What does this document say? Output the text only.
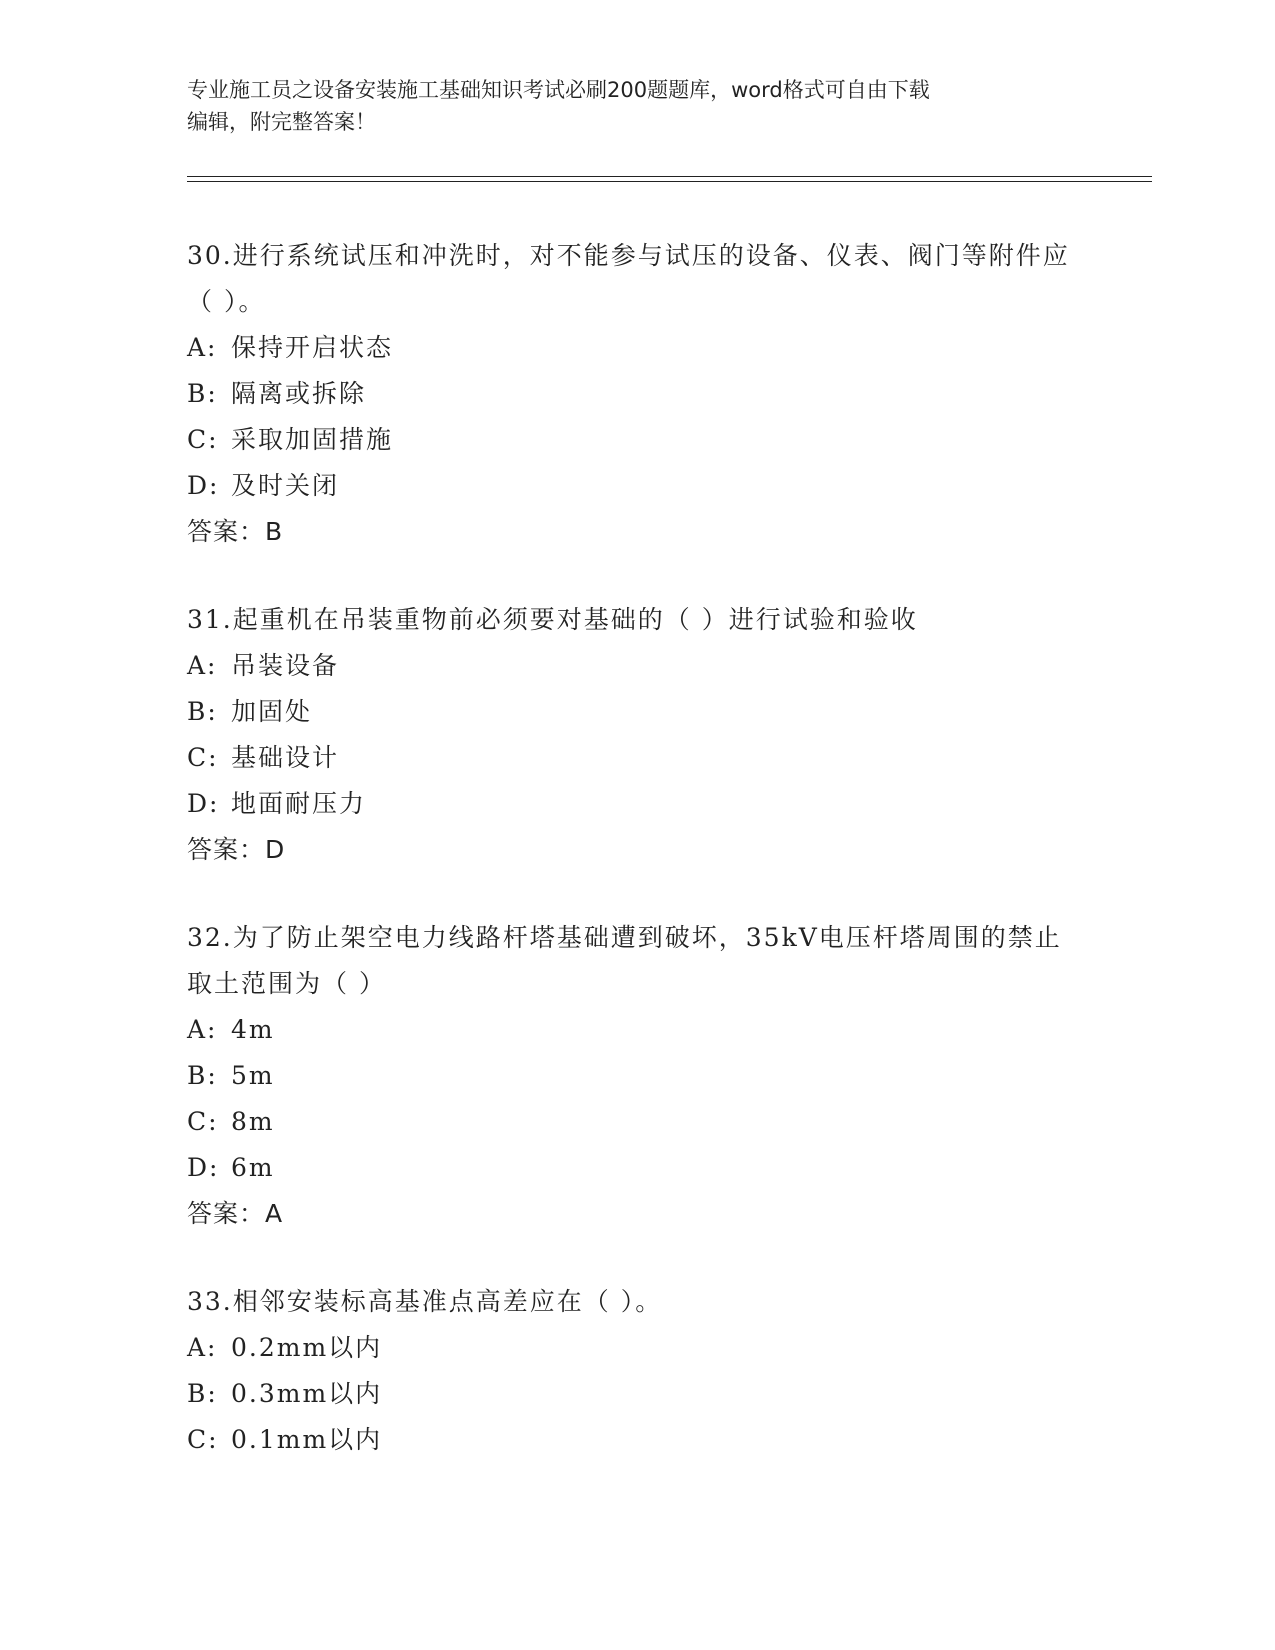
专业施工员之设备安装施工基础知识考试必刷200题题库，word格式可自由下载
编辑，附完整答案！

30.进行系统试压和冲洗时，对不能参与试压的设备、仪表、阀门等附件应（ ）。

A: 保持开启状态

B: 隔离或拆除

C: 采取加固措施

D: 及时关闭

答案：B

31.起重机在吊装重物前必须要对基础的（ ）进行试验和验收

A: 吊装设备

B: 加固处

C: 基础设计

D: 地面耐压力

答案：D

32.为了防止架空电力线路杆塔基础遭到破坏，35kV电压杆塔周围的禁止取土范围为（ ）

A: 4m

B: 5m

C: 8m

D: 6m

答案：A

33.相邻安装标高基准点高差应在（ ）。

A: 0.2mm以内

B: 0.3mm以内

C: 0.1mm以内
